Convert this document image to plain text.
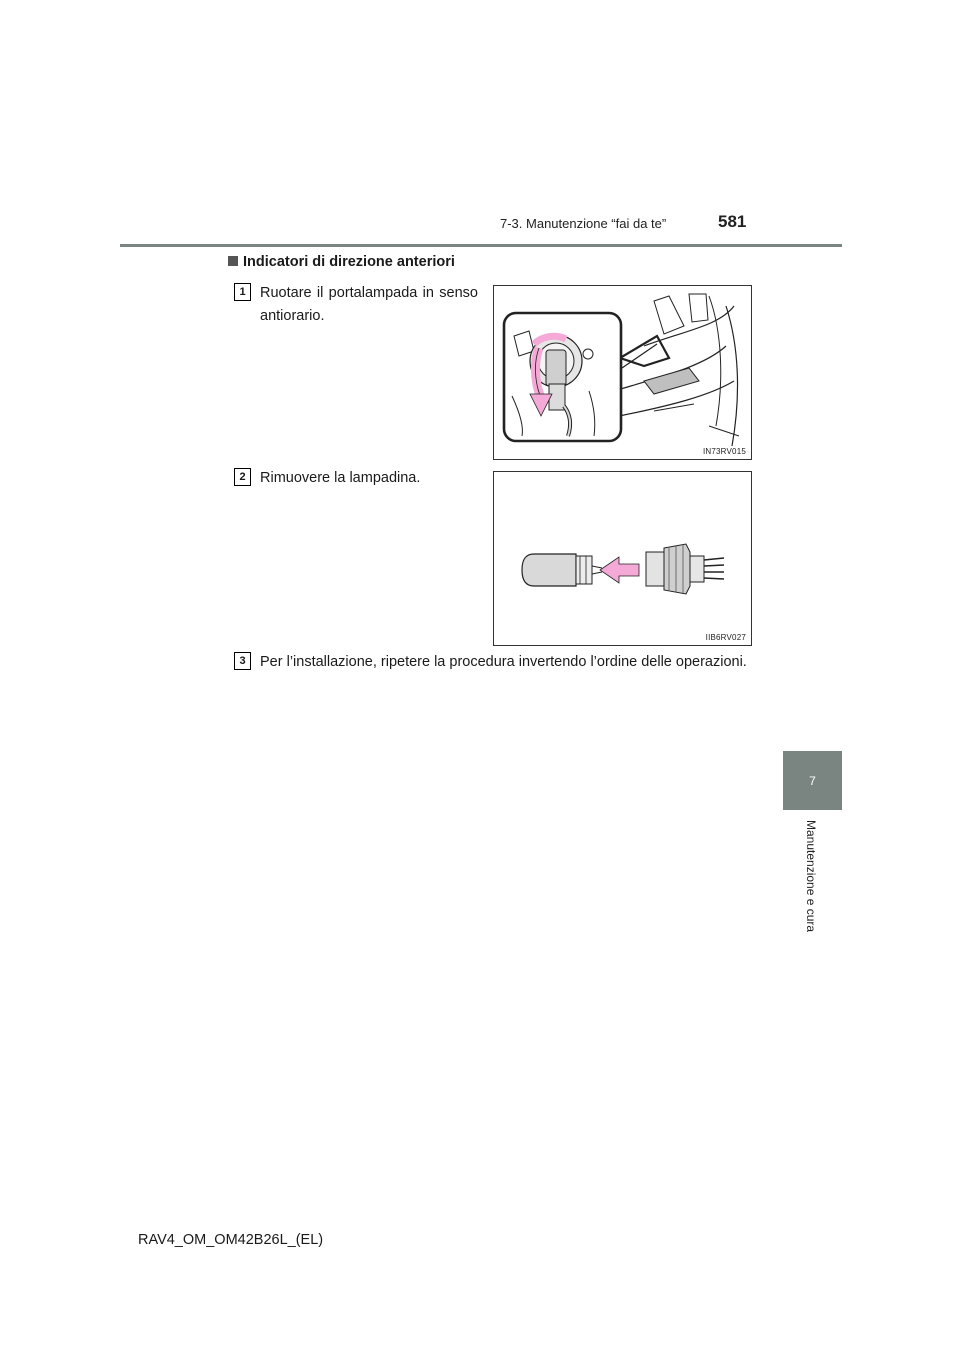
7-3. Manutenzione “fai da te”	581
7
Manutenzione e cura
Indicatori di direzione anteriori
1 Ruotare il portalampada in senso antiorario.
IN73RV015
2 Rimuovere la lampadina.
IIB6RV027
3 Per l’installazione, ripetere la procedura invertendo l’ordine delle operazioni.
RAV4_OM_OM42B26L_(EL)
